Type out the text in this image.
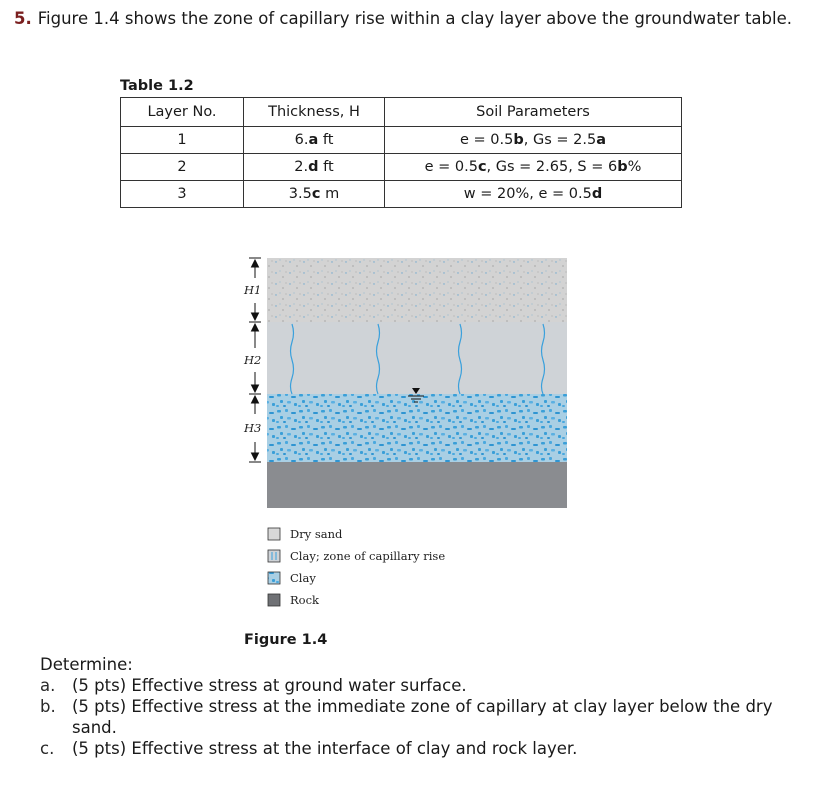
5. Figure 1.4 shows the zone of capillary rise within a clay layer above the groundwater table.
Table 1.2
Layer No.	Thickness, H	Soil Parameters
1	6.a ft	e = 0.5b, Gs = 2.5a
2	2.d ft	e = 0.5c, Gs = 2.65, S = 6b%
3	3.5c m	w = 20%, e = 0.5d
H1
H2
H3
Dry sand
Clay; zone of capillary rise
Clay
Rock
Figure 1.4
Determine:
a. (5 pts) Effective stress at ground water surface.
b. (5 pts) Effective stress at the immediate zone of capillary at clay layer below the dry sand.
c. (5 pts) Effective stress at the interface of clay and rock layer.
